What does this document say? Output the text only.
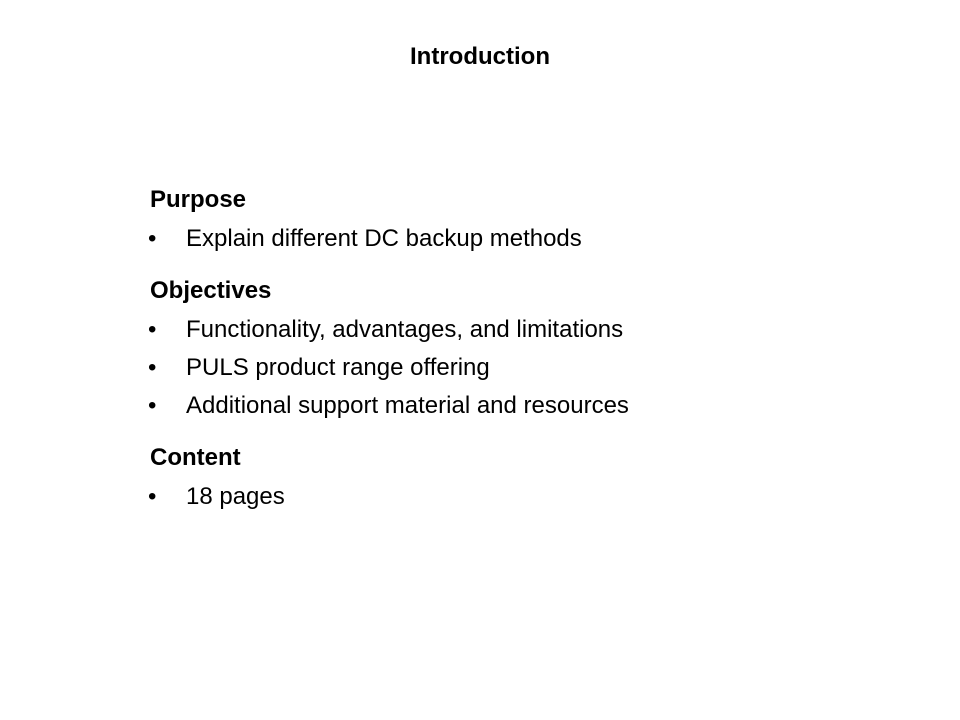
Introduction
Purpose
•	Explain different DC backup methods
Objectives
•	Functionality, advantages, and limitations
•	PULS product range offering
•	Additional support material and resources
Content
•	18 pages
